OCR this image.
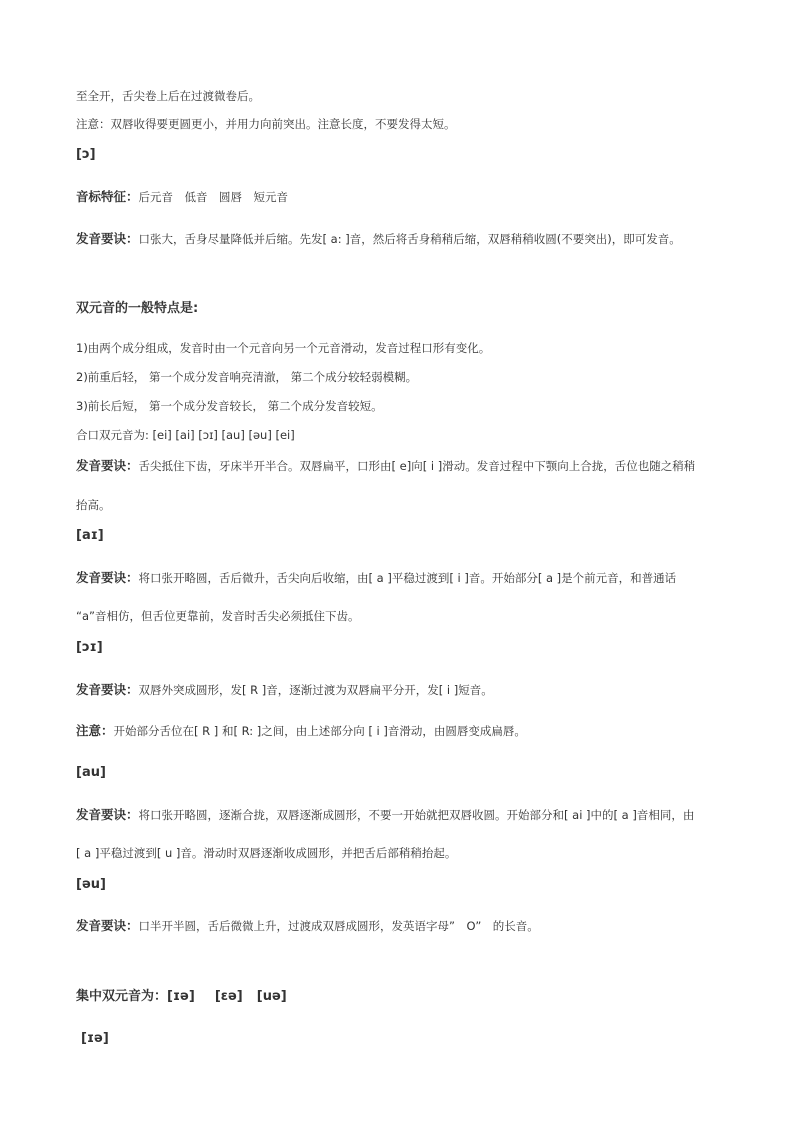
至全开，舌尖卷上后在过渡微卷后。
注意：双唇收得要更圆更小，并用力向前突出。注意长度，不要发得太短。
[ɔ]
音标特征：后元音　低音　圆唇　短元音
发音要诀：口张大，舌身尽量降低并后缩。先发[ a: ]音，然后将舌身稍稍后缩，双唇稍稍收圆(不要突出)，即可发音。
双元音的一般特点是:
1)由两个成分组成，发音时由一个元音向另一个元音滑动，发音过程口形有变化。
2)前重后轻， 第一个成分发音响亮清澈， 第二个成分较轻弱模糊。
3)前长后短， 第一个成分发音较长， 第二个成分发音较短。
合口双元音为: [ei] [ai] [ɔɪ] [au] [əu] [ei]
发音要诀：舌尖抵住下齿，牙床半开半合。双唇扁平，口形由[ e]向[ i ]滑动。发音过程中下颚向上合拢，舌位也随之稍稍
抬高。
[aɪ]
发音要诀：将口张开略圆，舌后微升，舌尖向后收缩，由[ a ]平稳过渡到[ i ]音。开始部分[ a ]是个前元音，和普通话
“a”音相仿，但舌位更靠前，发音时舌尖必须抵住下齿。
[ɔɪ]
发音要诀：双唇外突成圆形，发[ R ]音，逐渐过渡为双唇扁平分开，发[ i ]短音。
注意：开始部分舌位在[ R ] 和[ R: ]之间，由上述部分向 [ i ]音滑动，由圆唇变成扁唇。
[au]
发音要诀：将口张开略圆，逐渐合拢，双唇逐渐成圆形，不要一开始就把双唇收圆。开始部分和[ ai ]中的[ a ]音相同，由
[ a ]平稳过渡到[ u ]音。滑动时双唇逐渐收成圆形，并把舌后部稍稍抬起。
[əu]
发音要诀：口半开半圆，舌后微微上升，过渡成双唇成圆形，发英语字母”　O”　的长音。
集中双元音为：[ɪə] [ɛə] [uə]
[ɪə]
